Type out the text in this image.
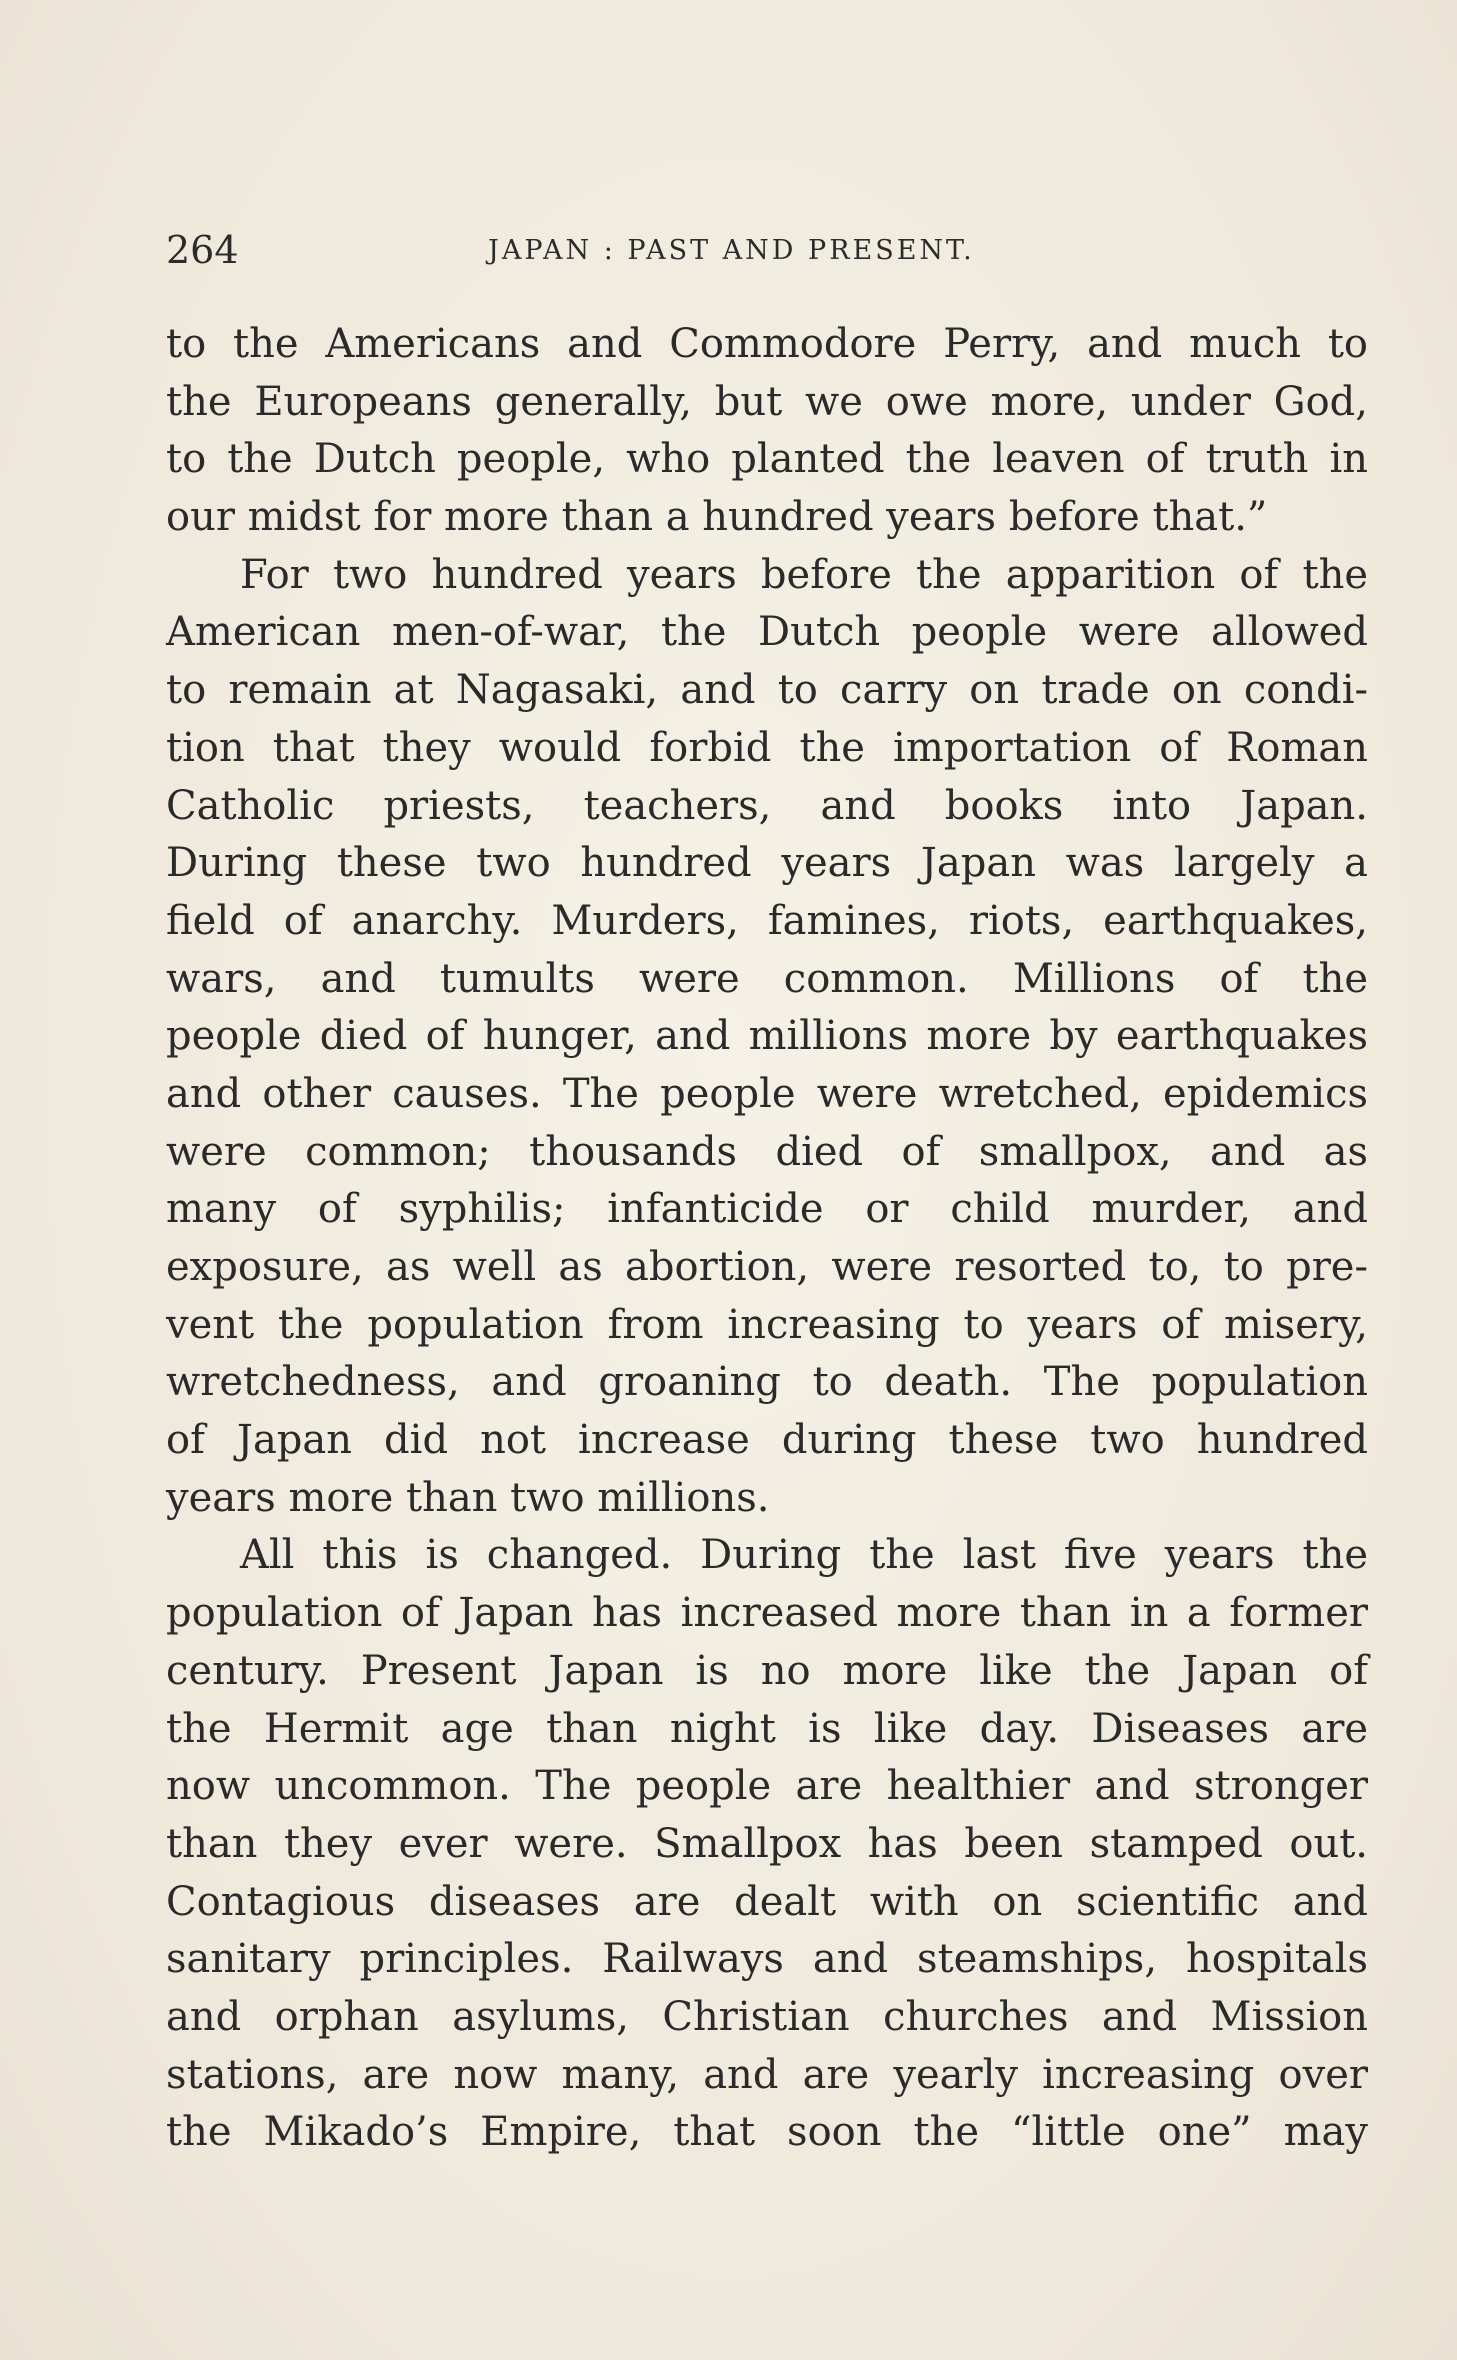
264	JAPAN : PAST AND PRESENT.
to the Americans and Commodore Perry, and much to
the Europeans generally, but we owe more, under God,
to the Dutch people, who planted the leaven of truth in
our midst for more than a hundred years before that.”
For two hundred years before the apparition of the
American men-of-war, the Dutch people were allowed
to remain at Nagasaki, and to carry on trade on condi-
tion that they would forbid the importation of Roman
Catholic priests, teachers, and books into Japan.
During these two hundred years Japan was largely a
field of anarchy. Murders, famines, riots, earthquakes,
wars, and tumults were common. Millions of the
people died of hunger, and millions more by earthquakes
and other causes. The people were wretched, epidemics
were common; thousands died of smallpox, and as
many of syphilis; infanticide or child murder, and
exposure, as well as abortion, were resorted to, to pre-
vent the population from increasing to years of misery,
wretchedness, and groaning to death. The population
of Japan did not increase during these two hundred
years more than two millions.
All this is changed. During the last five years the
population of Japan has increased more than in a former
century. Present Japan is no more like the Japan of
the Hermit age than night is like day. Diseases are
now uncommon. The people are healthier and stronger
than they ever were. Smallpox has been stamped out.
Contagious diseases are dealt with on scientific and
sanitary principles. Railways and steamships, hospitals
and orphan asylums, Christian churches and Mission
stations, are now many, and are yearly increasing over
the Mikado’s Empire, that soon the “little one” may
